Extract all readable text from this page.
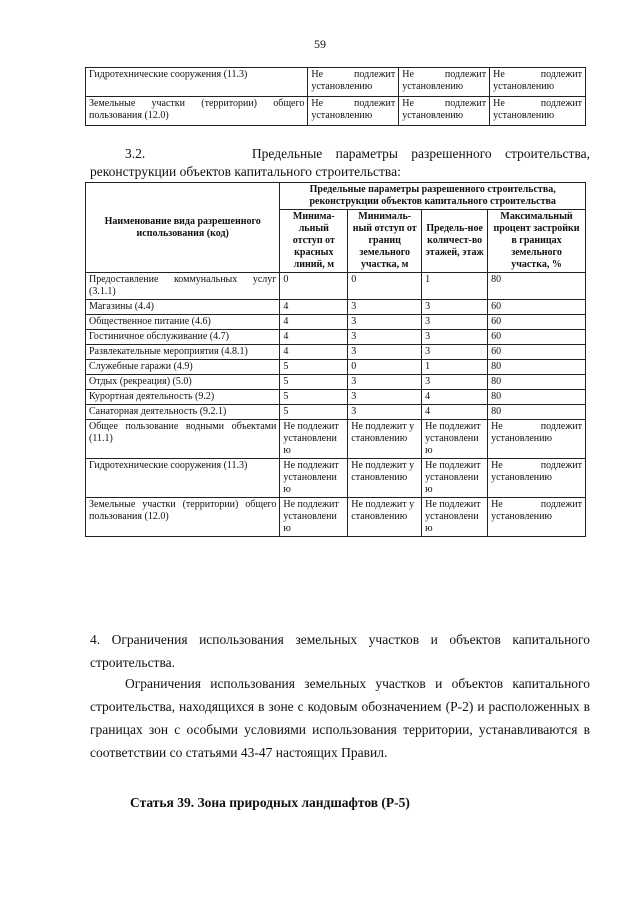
59
Гидротехнические сооружения (11.3)	Не подлежит установлению	Не подлежит установлению	Не подлежит установлению
Земельные участки (территории) общего пользования (12.0)	Не подлежит установлению	Не подлежит установлению	Не подлежит установлению
3.2.	Предельные параметры разрешенного строительства,
реконструкции объектов капитального строительства:
Наименование вида разрешенного использования (код)	Предельные параметры разрешенного строительства, реконструкции объектов капитального строительства			
	Минима-льный отступ от красных линий, м	Минималь-ный отступ от границ земельного участка, м	Предель-ное количест-во этажей, этаж	Максимальный процент застройки в границах земельного участка, %
Предоставление коммунальных услуг (3.1.1)	0	0	1	80
Магазины (4.4)	4	3	3	60
Общественное питание (4.6)	4	3	3	60
Гостиничное обслуживание (4.7)	4	3	3	60
Развлекательные мероприятия (4.8.1)	4	3	3	60
Служебные гаражи (4.9)	5	0	1	80
Отдых (рекреация) (5.0)	5	3	3	80
Курортная деятельность (9.2)	5	3	4	80
Санаторная деятельность (9.2.1)	5	3	4	80
Общее пользование водными объектами (11.1)	Не подлежит установлению	Не подлежит установлению	Не подлежит установлению	Не подлежит установлению
Гидротехнические сооружения (11.3)	Не подлежит установлению	Не подлежит установлению	Не подлежит установлению	Не подлежит установлению
Земельные участки (территории) общего пользования (12.0)	Не подлежит установлению	Не подлежит установлению	Не подлежит установлению	Не подлежит установлению
4. Ограничения использования земельных участков и объектов капитального строительства.
Ограничения использования земельных участков и объектов капитального строительства, находящихся в зоне с кодовым обозначением (Р-2) и расположенных в границах зон с особыми условиями использования территории, устанавливаются в соответствии со статьями 43-47 настоящих Правил.
Статья 39. Зона природных ландшафтов (Р-5)
